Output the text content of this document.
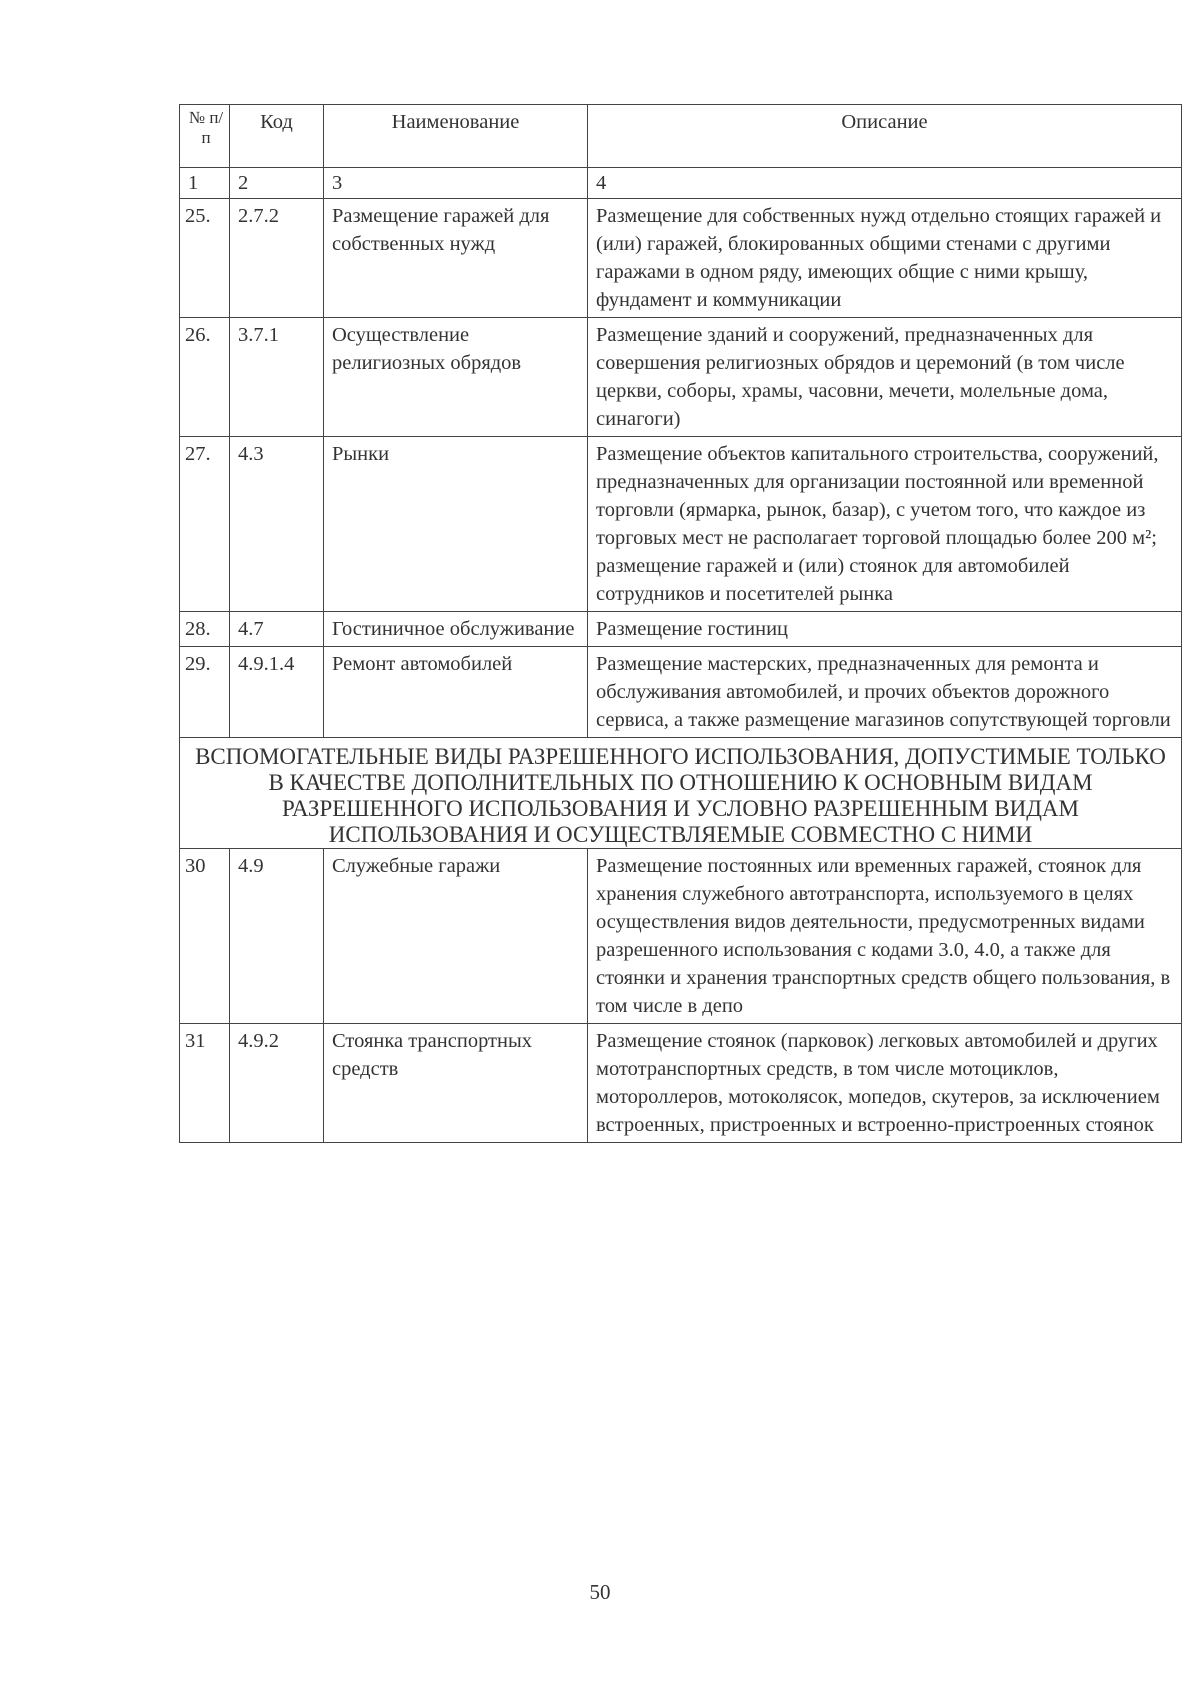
№ п/п	Код	Наименование	Описание
1	2	3	4
25.	2.7.2	Размещение гаражей для собственных нужд	Размещение для собственных нужд отдельно стоящих гаражей и (или) гаражей, блокированных общими стенами с другими гаражами в одном ряду, имеющих общие с ними крышу, фундамент и коммуникации
26.	3.7.1	Осуществление религиозных обрядов	Размещение зданий и сооружений, предназначенных для совершения религиозных обрядов и церемоний (в том числе церкви, соборы, храмы, часовни, мечети, молельные дома, синагоги)
27.	4.3	Рынки	Размещение объектов капитального строительства, сооружений, предназначенных для организации постоянной или временной торговли (ярмарка, рынок, базар), с учетом того, что каждое из торговых мест не располагает торговой площадью более 200 м²; размещение гаражей и (или) стоянок для автомобилей сотрудников и посетителей рынка
28.	4.7	Гостиничное обслуживание	Размещение гостиниц
29.	4.9.1.4	Ремонт автомобилей	Размещение мастерских, предназначенных для ремонта и обслуживания автомобилей, и прочих объектов дорожного сервиса, а также размещение магазинов сопутствующей торговли
ВСПОМОГАТЕЛЬНЫЕ ВИДЫ РАЗРЕШЕННОГО ИСПОЛЬЗОВАНИЯ, ДОПУСТИМЫЕ ТОЛЬКО В КАЧЕСТВЕ ДОПОЛНИТЕЛЬНЫХ ПО ОТНОШЕНИЮ К ОСНОВНЫМ ВИДАМ РАЗРЕШЕННОГО ИСПОЛЬЗОВАНИЯ И УСЛОВНО РАЗРЕШЕННЫМ ВИДАМ ИСПОЛЬЗОВАНИЯ И ОСУЩЕСТВЛЯЕМЫЕ СОВМЕСТНО С НИМИ			
30	4.9	Служебные гаражи	Размещение постоянных или временных гаражей, стоянок для хранения служебного автотранспорта, используемого в целях осуществления видов деятельности, предусмотренных видами разрешенного использования с кодами 3.0, 4.0, а также для стоянки и хранения транспортных средств общего пользования, в том числе в депо
31	4.9.2	Стоянка транспортных средств	Размещение стоянок (парковок) легковых автомобилей и других мототранспортных средств, в том числе мотоциклов, мотороллеров, мотоколясок, мопедов, скутеров, за исключением встроенных, пристроенных и встроенно-пристроенных стоянок
50
